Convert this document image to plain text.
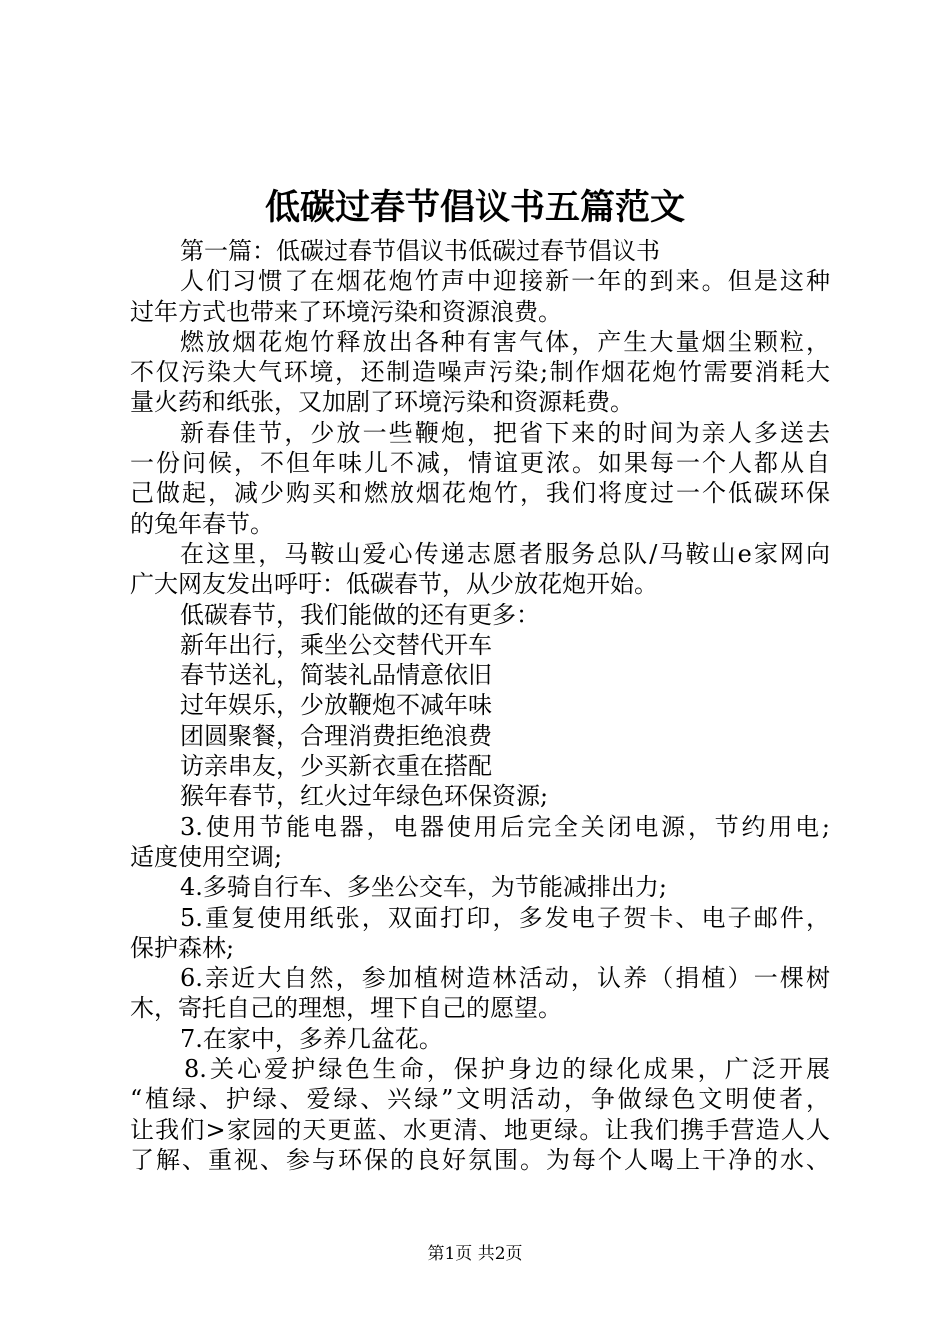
低碳过春节倡议书五篇范文
第一篇：低碳过春节倡议书低碳过春节倡议书
人们习惯了在烟花炮竹声中迎接新一年的到来。但是这种
过年方式也带来了环境污染和资源浪费。
燃放烟花炮竹释放出各种有害气体，产生大量烟尘颗粒，
不仅污染大气环境，还制造噪声污染;制作烟花炮竹需要消耗大
量火药和纸张，又加剧了环境污染和资源耗费。
新春佳节，少放一些鞭炮，把省下来的时间为亲人多送去
一份问候，不但年味儿不减，情谊更浓。如果每一个人都从自
己做起，减少购买和燃放烟花炮竹，我们将度过一个低碳环保
的兔年春节。
在这里，马鞍山爱心传递志愿者服务总队/马鞍山e家网向
广大网友发出呼吁：低碳春节，从少放花炮开始。
低碳春节，我们能做的还有更多：
新年出行，乘坐公交替代开车
春节送礼，简装礼品情意依旧
过年娱乐，少放鞭炮不减年味
团圆聚餐，合理消费拒绝浪费
访亲串友，少买新衣重在搭配
猴年春节，红火过年绿色环保资源;
3.使用节能电器，电器使用后完全关闭电源，节约用电;
适度使用空调;
4.多骑自行车、多坐公交车，为节能减排出力;
5.重复使用纸张，双面打印，多发电子贺卡、电子邮件，
保护森林;
6.亲近大自然，参加植树造林活动，认养（捐植）一棵树
木，寄托自己的理想，埋下自己的愿望。
7.在家中，多养几盆花。
8.关心爱护绿色生命，保护身边的绿化成果，广泛开展
“植绿、护绿、爱绿、兴绿”文明活动，争做绿色文明使者，
让我们>家园的天更蓝、水更清、地更绿。让我们携手营造人人
了解、重视、参与环保的良好氛围。为每个人喝上干净的水、
第1页 共2页
